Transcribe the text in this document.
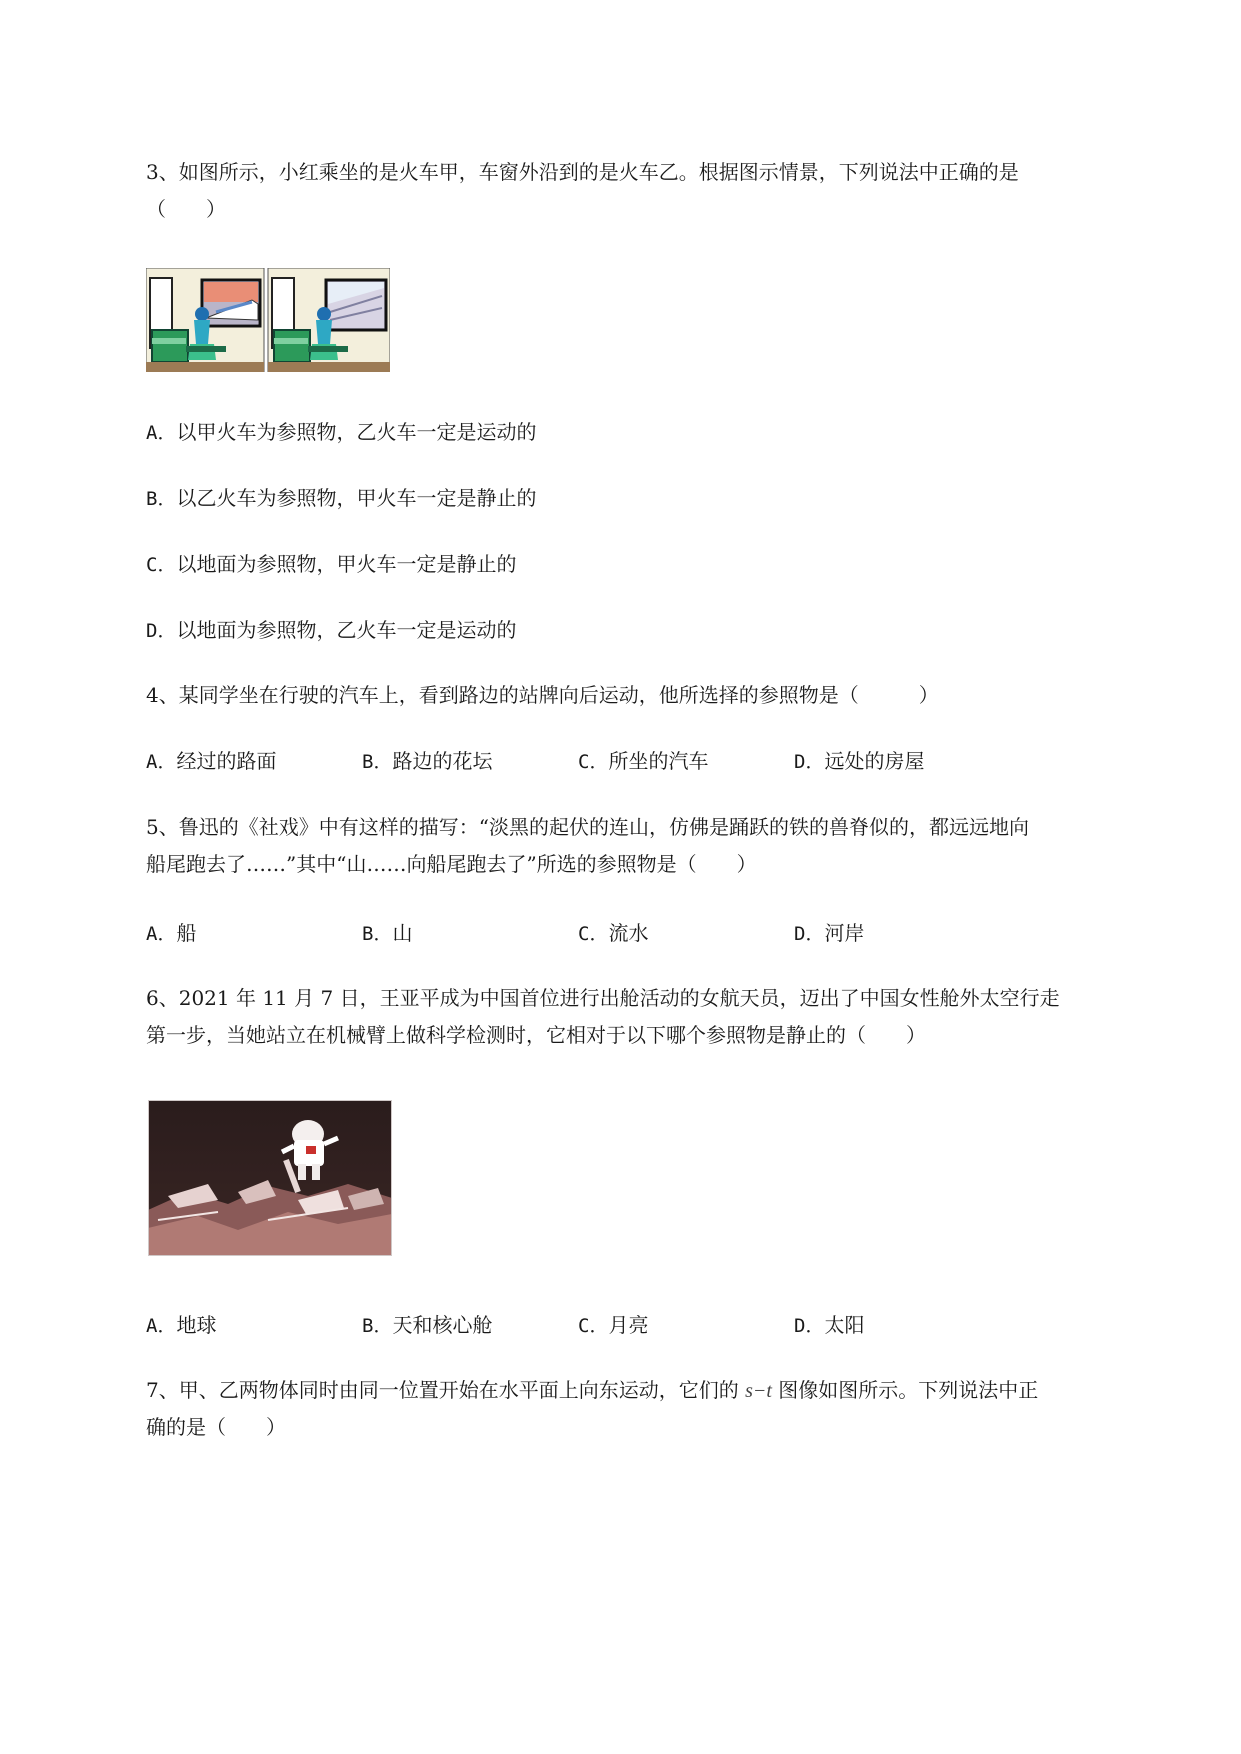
3、如图所示，小红乘坐的是火车甲，车窗外沿到的是火车乙。根据图示情景，下列说法中正确的是
（　　）
A．以甲火车为参照物，乙火车一定是运动的
B．以乙火车为参照物，甲火车一定是静止的
C．以地面为参照物，甲火车一定是静止的
D．以地面为参照物，乙火车一定是运动的
4、某同学坐在行驶的汽车上，看到路边的站牌向后运动，他所选择的参照物是（　　　）
A．经过的路面	B．路边的花坛	C．所坐的汽车	D．远处的房屋
5、鲁迅的《社戏》中有这样的描写：“淡黑的起伏的连山，仿佛是踊跃的铁的兽脊似的，都远远地向
船尾跑去了……”其中“山……向船尾跑去了”所选的参照物是（　　）
A．船	B．山	C．流水	D．河岸
6、2021 年 11 月 7 日，王亚平成为中国首位进行出舱活动的女航天员，迈出了中国女性舱外太空行走
第一步，当她站立在机械臂上做科学检测时，它相对于以下哪个参照物是静止的（　　）
A．地球	B．天和核心舱	C．月亮	D．太阳
7、甲、乙两物体同时由同一位置开始在水平面上向东运动，它们的 s−t 图像如图所示。下列说法中正
确的是（　　）
